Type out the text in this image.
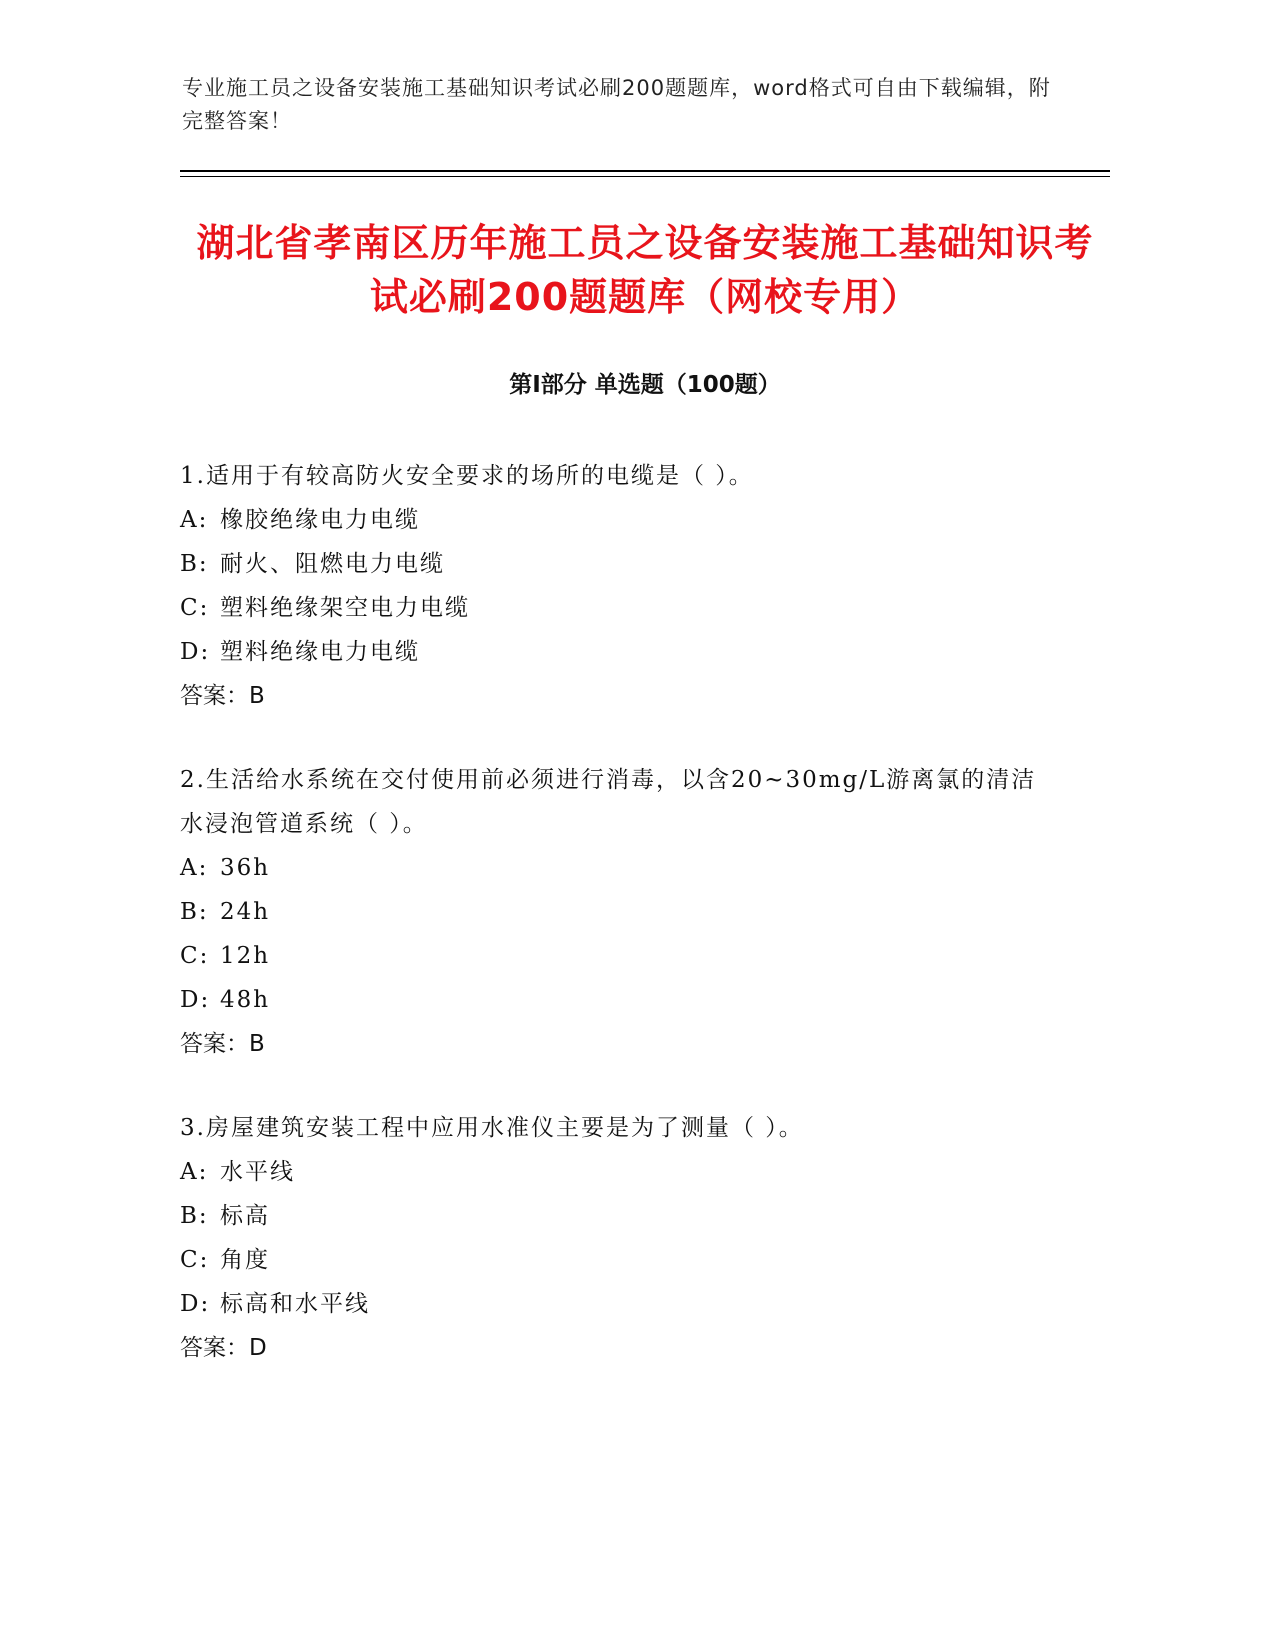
专业施工员之设备安装施工基础知识考试必刷200题题库，word格式可自由下载编辑，附完整答案！
湖北省孝南区历年施工员之设备安装施工基础知识考试必刷200题题库（网校专用）
第Ⅰ部分 单选题（100题）
1.适用于有较高防火安全要求的场所的电缆是（ ）。
A: 橡胶绝缘电力电缆
B: 耐火、阻燃电力电缆
C: 塑料绝缘架空电力电缆
D: 塑料绝缘电力电缆
答案：B
2.生活给水系统在交付使用前必须进行消毒，以含20~30mg/L游离氯的清洁水浸泡管道系统（ ）。
A: 36h
B: 24h
C: 12h
D: 48h
答案：B
3.房屋建筑安装工程中应用水准仪主要是为了测量（ ）。
A: 水平线
B: 标高
C: 角度
D: 标高和水平线
答案：D
